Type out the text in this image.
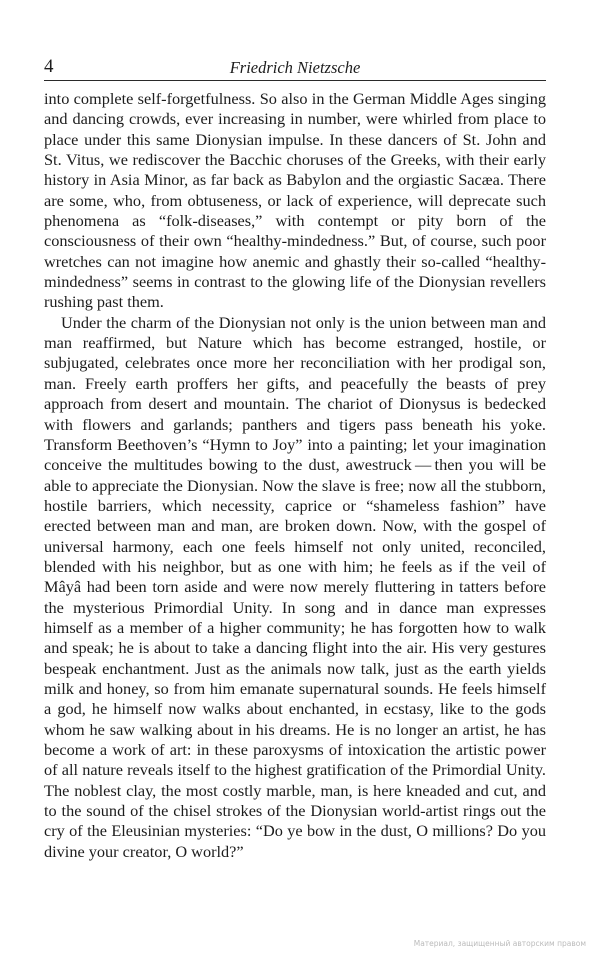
4	Friedrich Nietzsche

into complete self-forgetfulness. So also in the German Middle Ages singing and dancing crowds, ever increasing in number, were whirled from place to place under this same Dionysian impulse. In these dancers of St. John and St. Vitus, we rediscover the Bacchic choruses of the Greeks, with their early history in Asia Minor, as far back as Babylon and the orgiastic Sacæa. There are some, who, from obtuseness, or lack of experience, will deprecate such phenomena as “folk-diseases,” with contempt or pity born of the consciousness of their own “healthy-mindedness.” But, of course, such poor wretches can not imagine how anemic and ghastly their so-called “healthy-mindedness” seems in contrast to the glowing life of the Dionysian revellers rushing past them.

Under the charm of the Dionysian not only is the union between man and man reaffirmed, but Nature which has become estranged, hostile, or subjugated, celebrates once more her reconciliation with her prodigal son, man. Freely earth proffers her gifts, and peacefully the beasts of prey approach from desert and mountain. The chariot of Dionysus is bedecked with flowers and garlands; panthers and tigers pass beneath his yoke. Transform Beethoven’s “Hymn to Joy” into a painting; let your imagination conceive the multitudes bowing to the dust, awestruck — then you will be able to appreciate the Dionysian. Now the slave is free; now all the stubborn, hostile barriers, which necessity, caprice or “shameless fashion” have erected between man and man, are broken down. Now, with the gospel of universal harmony, each one feels himself not only united, reconciled, blended with his neighbor, but as one with him; he feels as if the veil of Mâyâ had been torn aside and were now merely fluttering in tatters before the mysterious Primordial Unity. In song and in dance man expresses himself as a member of a higher community; he has forgotten how to walk and speak; he is about to take a dancing flight into the air. His very gestures bespeak enchantment. Just as the animals now talk, just as the earth yields milk and honey, so from him emanate supernatural sounds. He feels himself a god, he himself now walks about enchanted, in ecstasy, like to the gods whom he saw walking about in his dreams. He is no longer an artist, he has become a work of art: in these paroxysms of intoxication the artistic power of all nature reveals itself to the highest gratification of the Primordial Unity. The noblest clay, the most costly marble, man, is here kneaded and cut, and to the sound of the chisel strokes of the Dionysian world-artist rings out the cry of the Eleusinian mysteries: “Do ye bow in the dust, O millions? Do you divine your creator, O world?”

Материал, защищенный авторским правом
